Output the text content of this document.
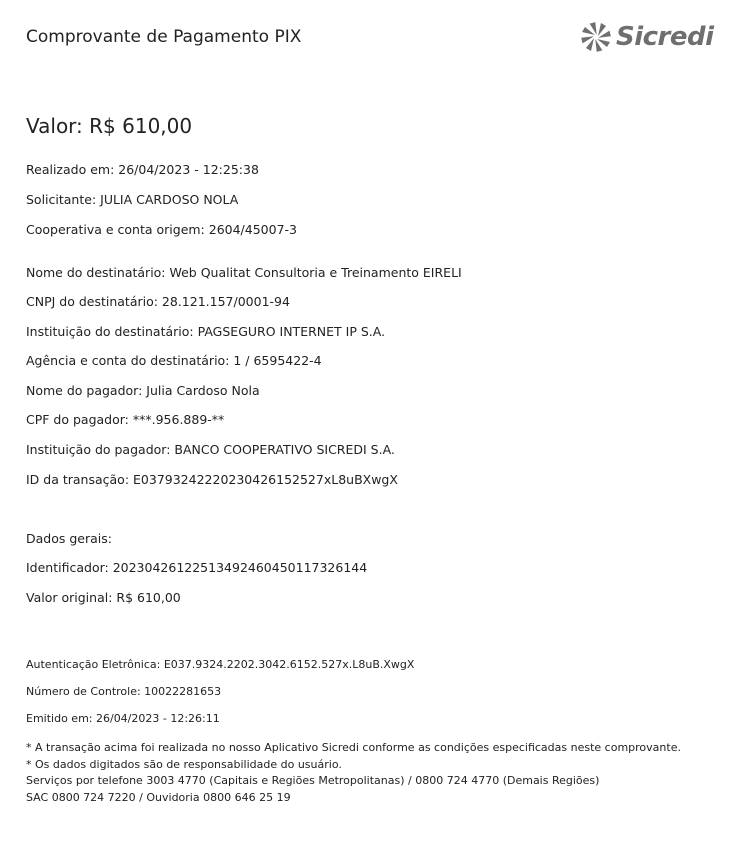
Comprovante de Pagamento PIX	Sicredi
Valor: R$ 610,00
Realizado em: 26/04/2023 - 12:25:38
Solicitante: JULIA CARDOSO NOLA
Cooperativa e conta origem: 2604/45007-3
Nome do destinatário: Web Qualitat Consultoria e Treinamento EIRELI
CNPJ do destinatário: 28.121.157/0001-94
Instituição do destinatário: PAGSEGURO INTERNET IP S.A.
Agência e conta do destinatário: 1 / 6595422-4
Nome do pagador: Julia Cardoso Nola
CPF do pagador: ***.956.889-**
Instituição do pagador: BANCO COOPERATIVO SICREDI S.A.
ID da transação: E03793242220230426152527xL8uBXwgX
Dados gerais:
Identificador: 20230426122513492460450117326144
Valor original: R$ 610,00
Autenticação Eletrônica: E037.9324.2202.3042.6152.527x.L8uB.XwgX
Número de Controle: 10022281653
Emitido em: 26/04/2023 - 12:26:11
* A transação acima foi realizada no nosso Aplicativo Sicredi conforme as condições especificadas neste comprovante.
* Os dados digitados são de responsabilidade do usuário.
Serviços por telefone 3003 4770 (Capitais e Regiões Metropolitanas) / 0800 724 4770 (Demais Regiões)
SAC 0800 724 7220 / Ouvidoria 0800 646 25 19
